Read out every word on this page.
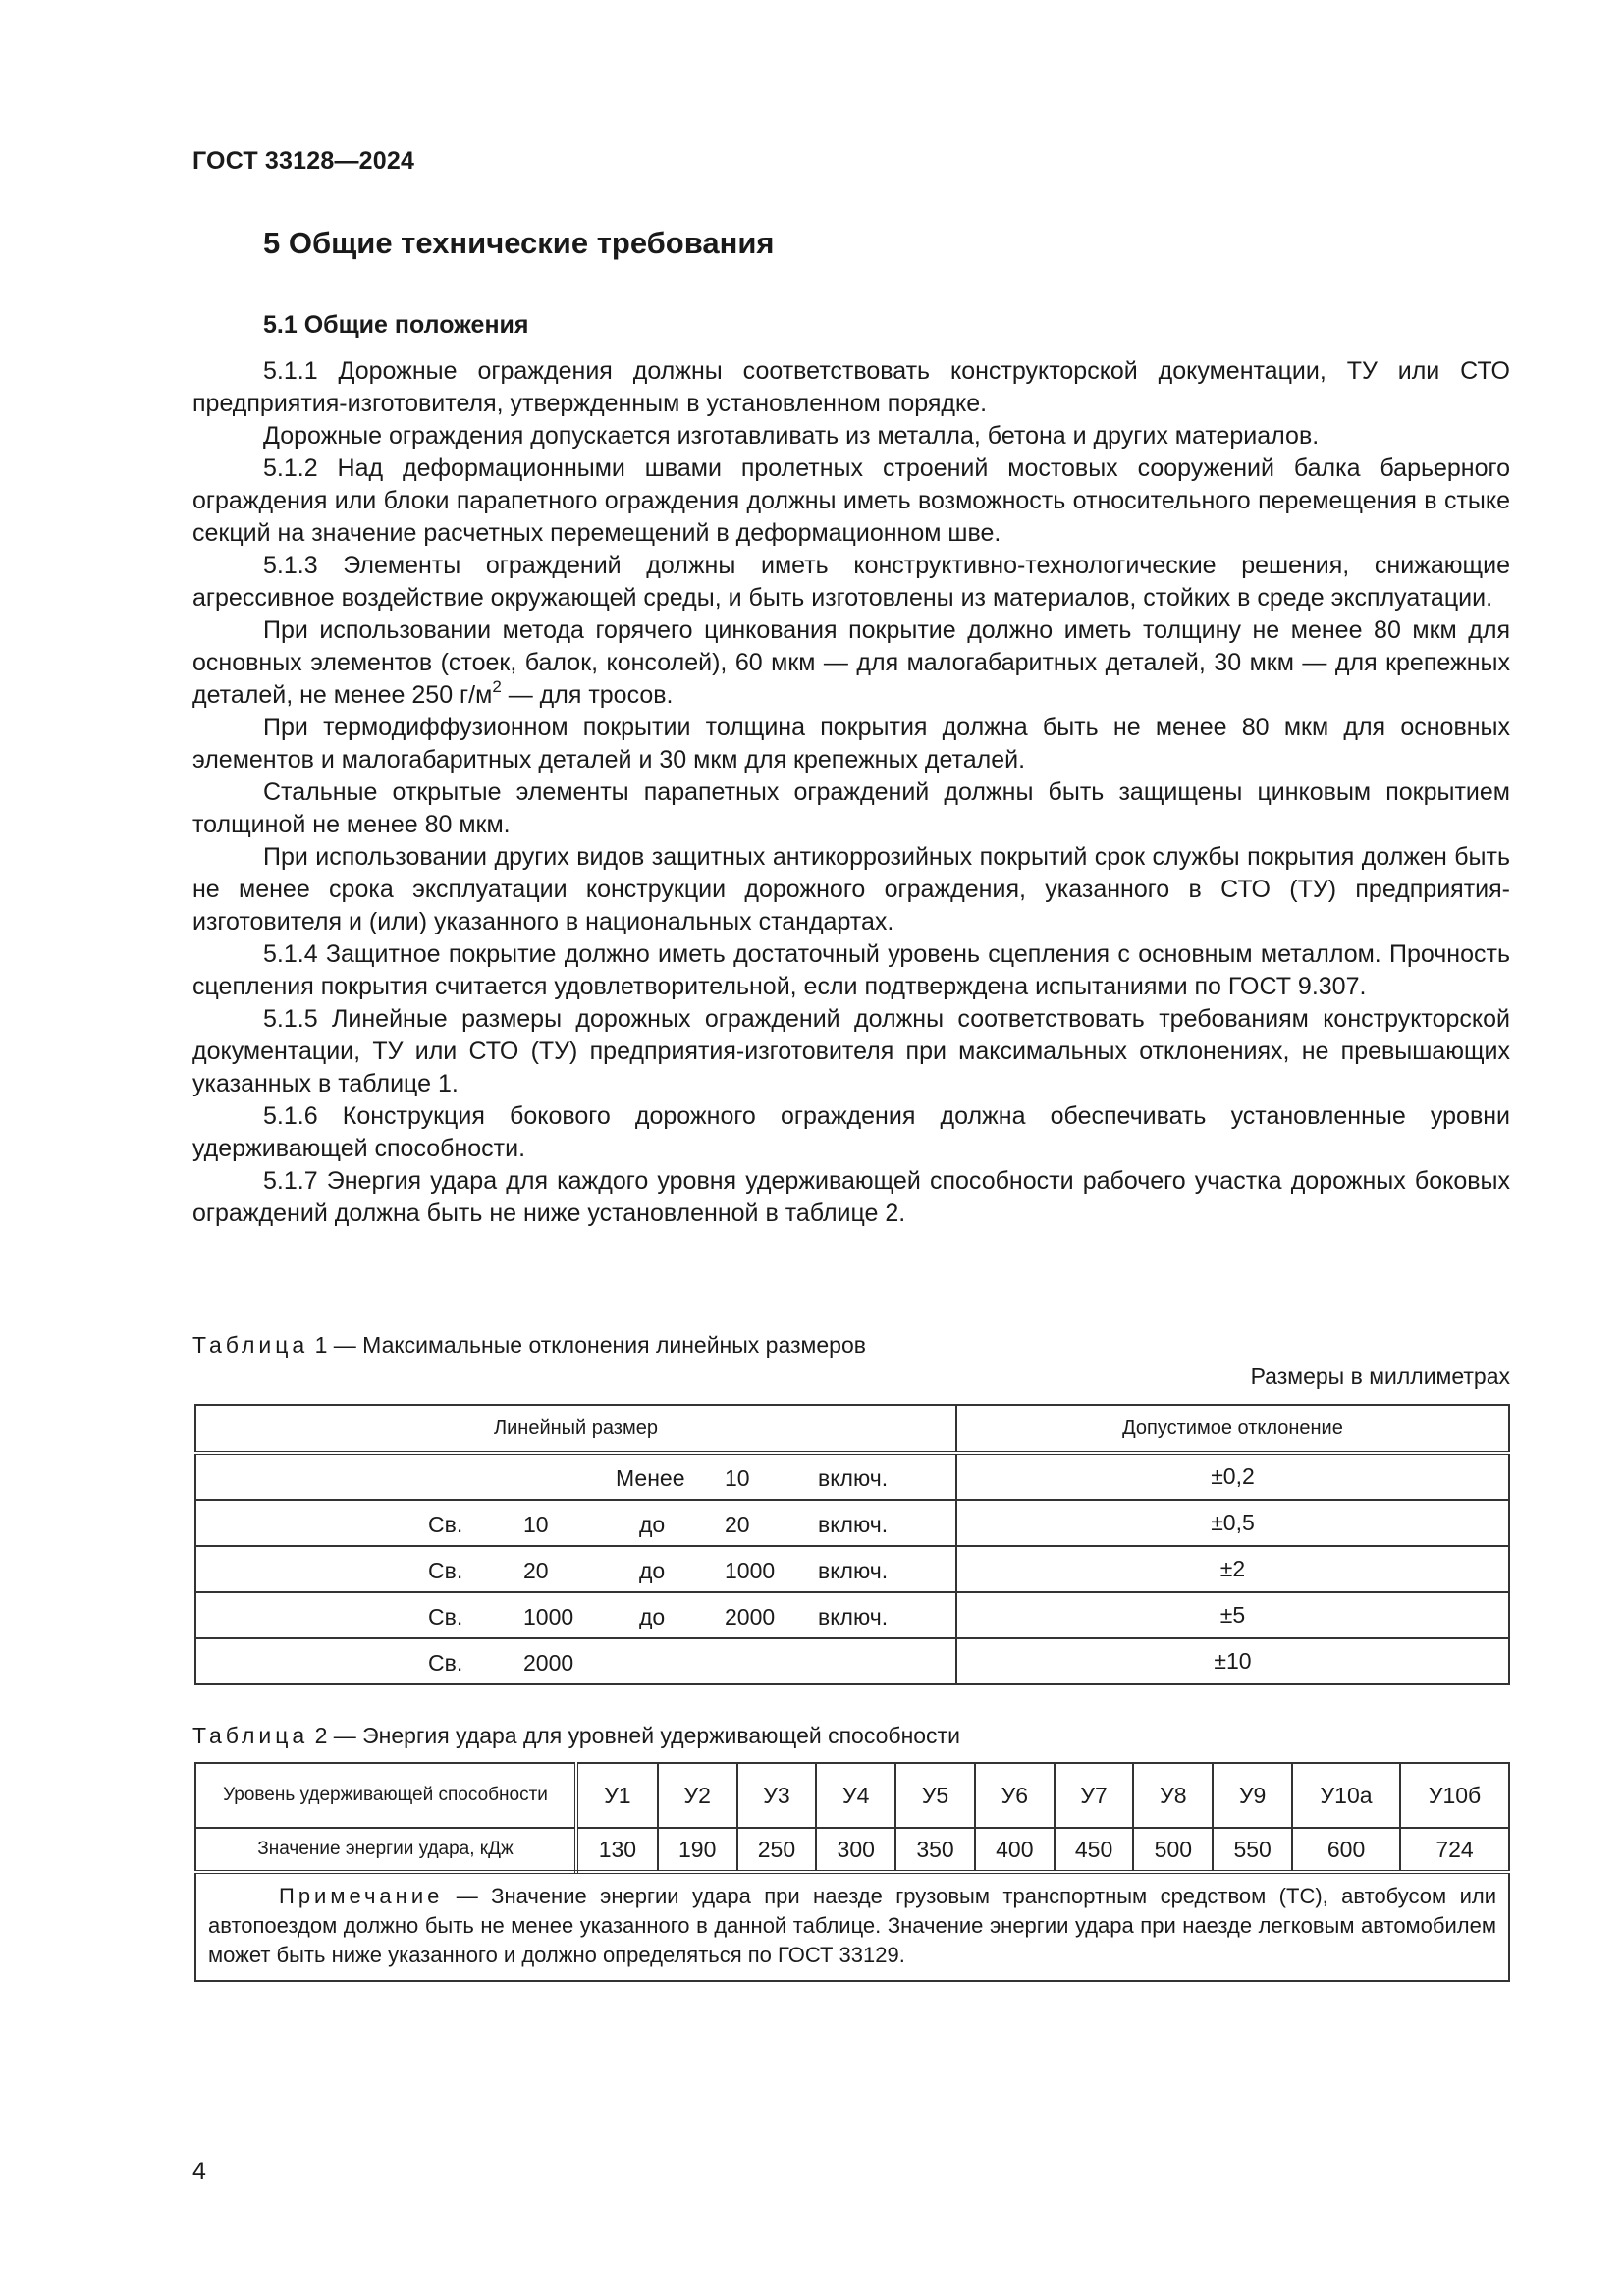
ГОСТ 33128—2024
5 Общие технические требования
5.1 Общие положения

5.1.1 Дорожные ограждения должны соответствовать конструкторской документации, ТУ или СТО предприятия-изготовителя, утвержденным в установленном порядке.

Дорожные ограждения допускается изготавливать из металла, бетона и других материалов.

5.1.2 Над деформационными швами пролетных строений мостовых сооружений балка барьерного ограждения или блоки парапетного ограждения должны иметь возможность относительного перемещения в стыке секций на значение расчетных перемещений в деформационном шве.

5.1.3 Элементы ограждений должны иметь конструктивно-технологические решения, снижающие агрессивное воздействие окружающей среды, и быть изготовлены из материалов, стойких в среде эксплуатации.

При использовании метода горячего цинкования покрытие должно иметь толщину не менее 80 мкм для основных элементов (стоек, балок, консолей), 60 мкм — для малогабаритных деталей, 30 мкм — для крепежных деталей, не менее 250 $г/м^2$ — для тросов.

При термодиффузионном покрытии толщина покрытия должна быть не менее 80 мкм для основных элементов и малогабаритных деталей и 30 мкм для крепежных деталей.

Стальные открытые элементы парапетных ограждений должны быть защищены цинковым покрытием толщиной не менее 80 мкм.

При использовании других видов защитных антикоррозийных покрытий срок службы покрытия должен быть не менее срока эксплуатации конструкции дорожного ограждения, указанного в СТО (ТУ) предприятия-изготовителя и (или) указанного в национальных стандартах.

5.1.4 Защитное покрытие должно иметь достаточный уровень сцепления с основным металлом. Прочность сцепления покрытия считается удовлетворительной, если подтверждена испытаниями по ГОСТ 9.307.

5.1.5 Линейные размеры дорожных ограждений должны соответствовать требованиям конструкторской документации, ТУ или СТО (ТУ) предприятия-изготовителя при максимальных отклонениях, не превышающих указанных в таблице 1.

5.1.6 Конструкция бокового дорожного ограждения должна обеспечивать установленные уровни удерживающей способности.

5.1.7 Энергия удара для каждого уровня удерживающей способности рабочего участка дорожных боковых ограждений должна быть не ниже установленной в таблице 2.

Таблица 1 — Максимальные отклонения линейных размеров
Размеры в миллиметрах
Линейный размер	Допустимое отклонение

Менее 10 включ.	±0,2

Св. 10 до 20 включ.	±0,5

Св. 20 до 1000 включ.	±2

Св. 1000 до 2000 включ.	±5

Св. 2000	±10
Таблица 2 — Энергия удара для уровней удерживающей способности
Уровень удерживающей способности	У1	У2	У3	У4	У5	У6	У7	У8	У9	У10а	У10б
Значение энергии удара, кДж	130	190	250	300	350	400	450	500	550	600	724

Примечание — Значение энергии удара при наезде грузовым транспортным средством (ТС), автобусом или автопоездом должно быть не менее указанного в данной таблице. Значение энергии удара при наезде легковым автомобилем может быть ниже указанного и должно определяться по ГОСТ 33129.											

4
